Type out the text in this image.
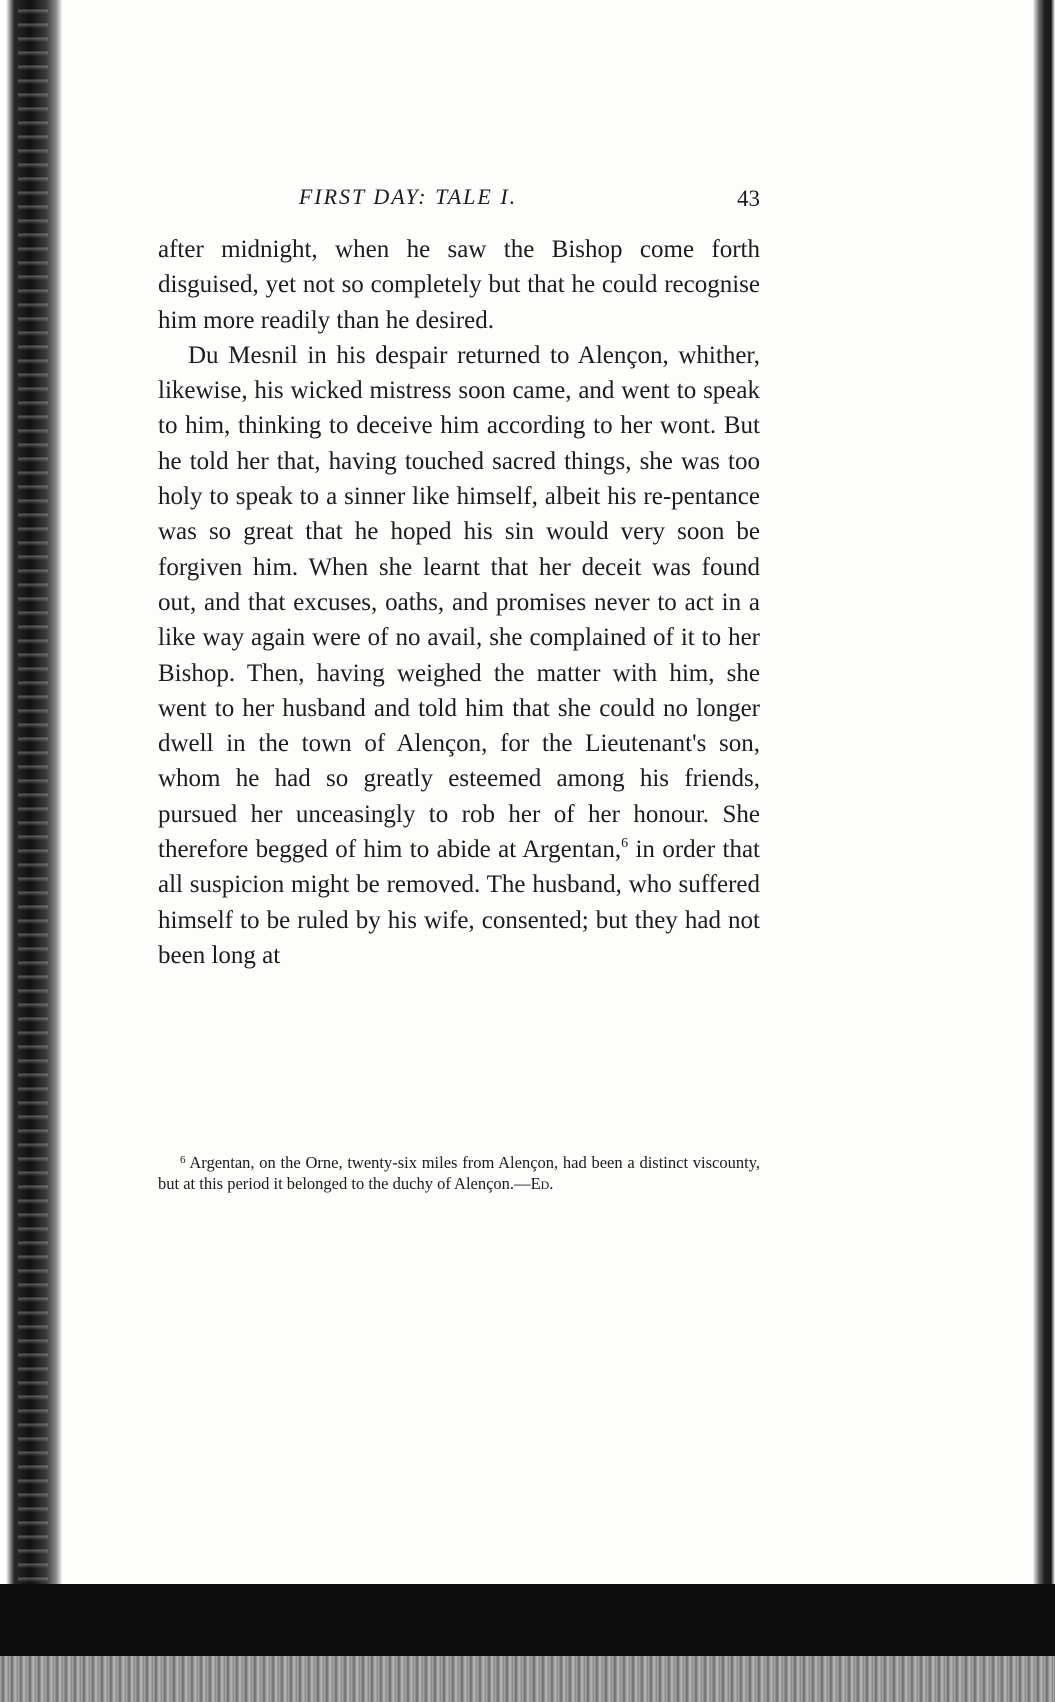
FIRST DAY: TALE I.	43

after midnight, when he saw the Bishop come forth disguised, yet not so completely but that he could recognise him more readily than he desired.

Du Mesnil in his despair returned to Alençon, whither, likewise, his wicked mistress soon came, and went to speak to him, thinking to deceive him according to her wont. But he told her that, having touched sacred things, she was too holy to speak to a sinner like himself, albeit his re-pentance was so great that he hoped his sin would very soon be forgiven him. When she learnt that her deceit was found out, and that excuses, oaths, and promises never to act in a like way again were of no avail, she complained of it to her Bishop. Then, having weighed the matter with him, she went to her husband and told him that she could no longer dwell in the town of Alençon, for the Lieutenant's son, whom he had so greatly esteemed among his friends, pursued her unceasingly to rob her of her honour. She therefore begged of him to abide at Argentan,$^6$ in order that all suspicion might be removed. The husband, who suffered himself to be ruled by his wife, consented; but they had not been long at

$^6$ Argentan, on the Orne, twenty-six miles from Alençon, had been a distinct viscounty, but at this period it belonged to the duchy of Alençon.—Ed.
